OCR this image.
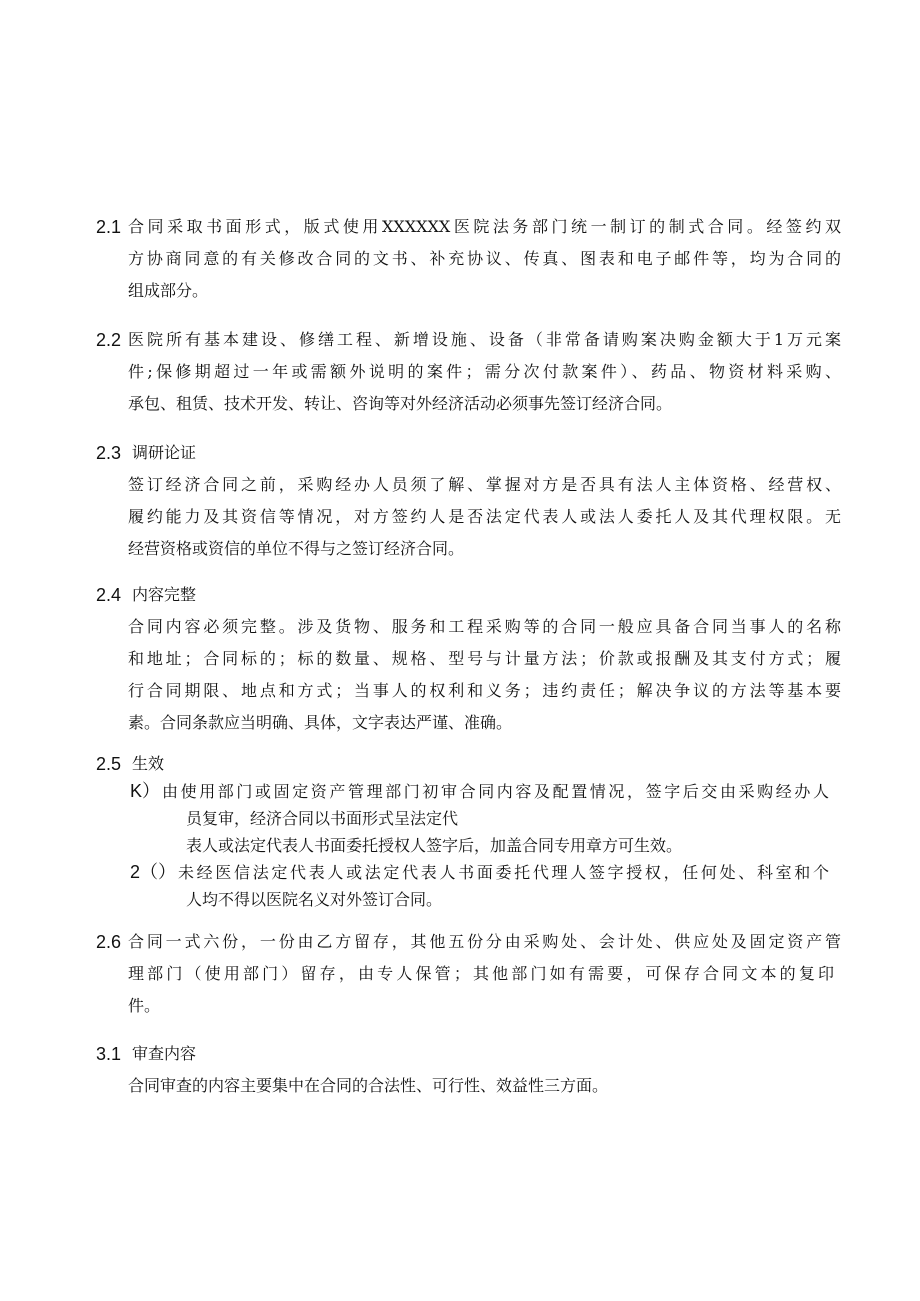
2.1 合同采取书面形式，版式使用XXXXXX医院法务部门统一制订的制式合同。经签约双
方协商同意的有关修改合同的文书、补充协议、传真、图表和电子邮件等，均为合同的
组成部分。
2.2 医院所有基本建设、修缮工程、新增设施、设备（非常备请购案决购金额大于1万元案
件;保修期超过一年或需额外说明的案件；需分次付款案件）、药品、物资材料采购、
承包、租赁、技术开发、转让、咨询等对外经济活动必须事先签订经济合同。
2.3 调研论证
签订经济合同之前，采购经办人员须了解、掌握对方是否具有法人主体资格、经营权、
履约能力及其资信等情况，对方签约人是否法定代表人或法人委托人及其代理权限。无
经营资格或资信的单位不得与之签订经济合同。
2.4 内容完整
合同内容必须完整。涉及货物、服务和工程采购等的合同一般应具备合同当事人的名称
和地址；合同标的；标的数量、规格、型号与计量方法；价款或报酬及其支付方式；履
行合同期限、地点和方式；当事人的权利和义务；违约责任；解决争议的方法等基本要
素。合同条款应当明确、具体，文字表达严谨、准确。
2.5 生效
K） 由使用部门或固定资产管理部门初审合同内容及配置情况，签字后交由采购经办人
员复审，经济合同以书面形式呈法定代
表人或法定代表人书面委托授权人签字后，加盖合同专用章方可生效。
2（） 未经医信法定代表人或法定代表人书面委托代理人签字授权，任何处、科室和个
人均不得以医院名义对外签订合同。
2.6 合同一式六份，一份由乙方留存，其他五份分由采购处、会计处、供应处及固定资产管
理部门（使用部门）留存，由专人保管；其他部门如有需要，可保存合同文本的复印
件。
3.1 审查内容
合同审查的内容主要集中在合同的合法性、可行性、效益性三方面。
